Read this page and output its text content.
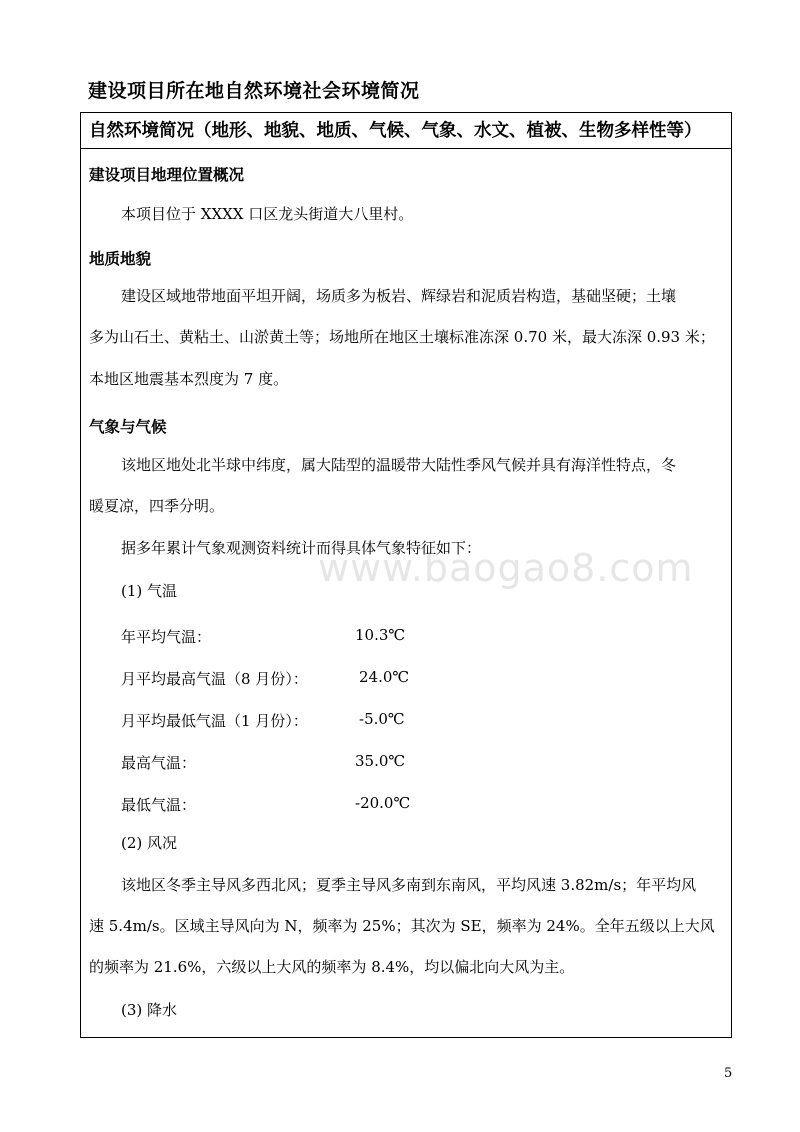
建设项目所在地自然环境社会环境简况
www.baogao8.com
自然环境简况（地形、地貌、地质、气候、气象、水文、植被、生物多样性等）
建设项目地理位置概况
本项目位于 XXXX 口区龙头街道大八里村。
地质地貌
建设区域地带地面平坦开阔，场质多为板岩、辉绿岩和泥质岩构造，基础坚硬；土壤
多为山石土、黄粘土、山淤黄土等；场地所在地区土壤标准冻深 0.70 米，最大冻深 0.93 米；
本地区地震基本烈度为 7 度。
气象与气候
该地区地处北半球中纬度，属大陆型的温暖带大陆性季风气候并具有海洋性特点，冬
暖夏凉，四季分明。
据多年累计气象观测资料统计而得具体气象特征如下：
(1) 气温
年平均气温：	10.3℃
月平均最高气温（8 月份）：	24.0℃
月平均最低气温（1 月份）：	-5.0℃
最高气温：	35.0℃
最低气温：	-20.0℃
(2) 风况
该地区冬季主导风多西北风；夏季主导风多南到东南风，平均风速 3.82m/s；年平均风
速 5.4m/s。区域主导风向为 N，频率为 25%；其次为 SE，频率为 24%。全年五级以上大风
的频率为 21.6%，六级以上大风的频率为 8.4%，均以偏北向大风为主。
(3) 降水
5
